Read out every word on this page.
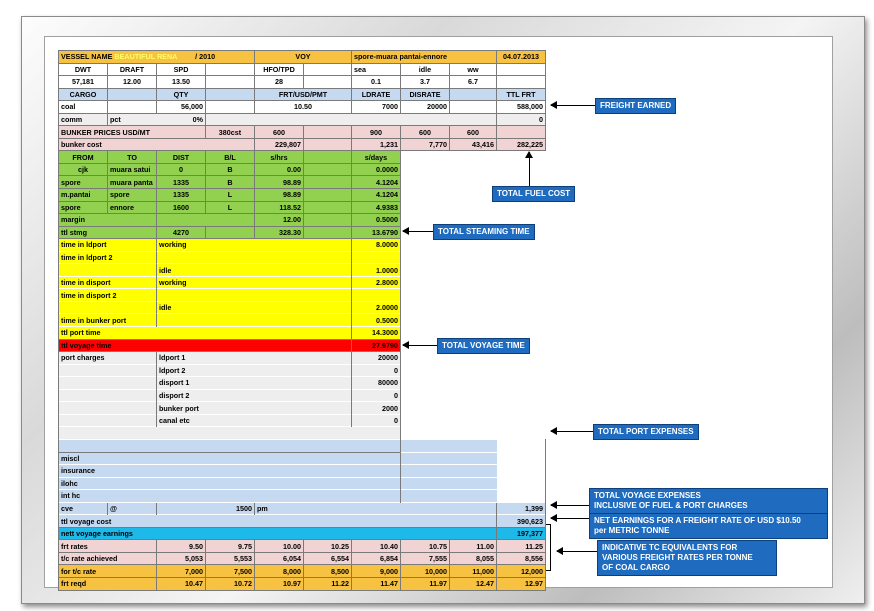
VESSEL NAME BEAUTIFUL RENA / 2010				VOY		spore-muara pantai-ennore			04.07.2013	
DWT	DRAFT	SPD		HFO/TPD		sea	idle	ww		
57,181	12.00	13.50		28		0.1	3.7	6.7		
CARGO		QTY		FRT/USD/PMT		LDRATE	DISRATE		TTL FRT	
coal		56,000		10.50		7000	20000		588,000	
comm	pct 0%								0	
BUNKER PRICES USD/MT			380cst	600		900	600	600		
bunker cost				229,807		1,231	7,770	43,416	282,225	
FROM	TO	DIST	B/L	s/hrs		s/days				
cjk	muara satui	0	B	0.00		0.0000				
spore	muara panta	1335	B	98.89		4.1204				
m.pantai	spore	1335	L	98.89		4.1204				
spore	ennore	1600	L	118.52		4.9383				
margin				12.00		0.5000				
ttl stmg		4270		328.30		13.6790				
time in ldport		working				8.0000				
time in ldport 2										
		idle				1.0000				
time in disport		working				2.8000				
time in disport 2										
		idle				2.0000				
time in bunker port						0.5000				
ttl port time						14.3000				
ttl voyage time						27.9790				
port charges		ldport 1				20000				
		ldport 2				0				
		disport 1				80000				
		disport 2				0				
		bunker port				2000				
		canal etc				0				

miscl	
insurance	
ilohc	
int hc	
cve	@	1500		pm					1,399	
ttl voyage cost									390,623	
nett voyage earnings									197,377	
frt rates		9.50	9.75	10.00	10.25	10.40	10.75	11.00	11.25	
t/c rate achieved		5,053	5,553	6,054	6,554	6,854	7,555	8,055	8,556	
for t/c rate		7,000	7,500	8,000	8,500	9,000	10,000	11,000	12,000	
frt reqd		10.47	10.72	10.97	11.22	11.47	11.97	12.47	12.97	
FREIGHT EARNED
TOTAL FUEL COST
TOTAL STEAMING TIME
TOTAL VOYAGE TIME
TOTAL PORT EXPENSES
TOTAL VOYAGE EXPENSES
INCLUSIVE OF FUEL & PORT CHARGES
NET EARNINGS FOR A FREIGHT RATE OF USD $10.50
per METRIC TONNE
INDICATIVE TC EQUIVALENTS FOR
VARIOUS FREIGHT RATES PER TONNE
OF COAL CARGO
